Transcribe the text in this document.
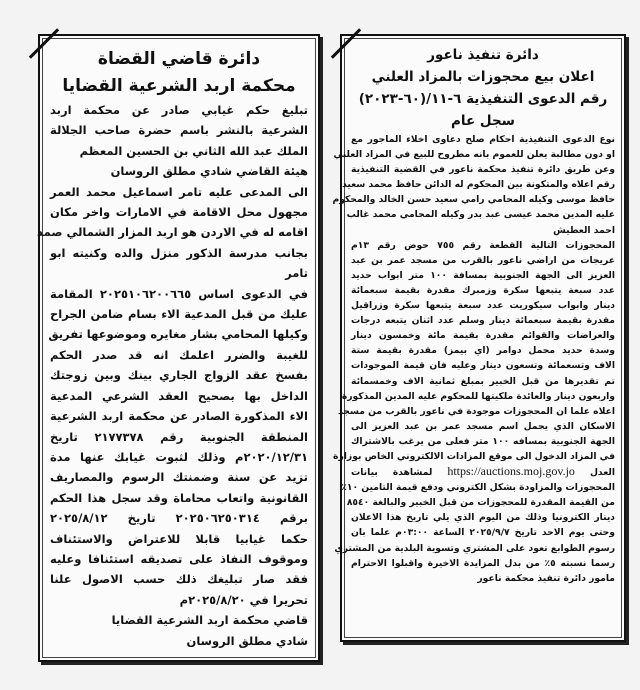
دائرة قاضي القضاة
محكمة اربد الشرعية القضايا
تبليغ حكم غيابي صادر عن محكمة اربد
الشرعية بالنشر باسم حضرة صاحب الجلالة
الملك عبد الله الثاني بن الحسين المعظم
هيئة القاضي شادي مطلق الروسان
الى المدعى عليه تامر اسماعيل محمد العمر
مجهول محل الاقامة في الامارات واخر مكان
اقامه له في الاردن هو اربد المزار الشمالي صمد
بجانب مدرسة الذكور منزل والده وكنيته ابو
تامر
في الدعوى اساس ٢٠٢٥١٠٦٢٠٠٦٦٥ المقامة
عليك من قبل المدعية الاء بسام ضامن الجراح
وكيلها المحامي بشار مغايره وموضوعها تفريق
للغيبة والضرر اعلمك انه قد صدر الحكم
بفسخ عقد الزواج الجاري بينك وبين زوجتك
الداخل بها بصحيح العقد الشرعي المدعية
الاء المذكورة الصادر عن محكمة اربد الشرعية
المنطقة الجنوبية رقم ٢١٧٧٣٧٨ تاريخ
٢٠٢٠/١٢/٣١م وذلك لثبوت غيابك عنها مدة
تزيد عن سنة وضمنتك الرسوم والمصاريف
القانونية واتعاب محاماة وقد سجل هذا الحكم
برقم ٢٠٢٥٠٦٢٥٠٣١٤ تاريخ ٢٠٢٥/٨/١٢
حكما غيابيا قابلا للاعتراض والاستئناف
وموقوف النفاذ على تصديقه استئنافا وعليه
فقد صار تبليغك ذلك حسب الاصول علنا
تحريرا في ٢٠٢٥/٨/٢٠م
قاضي محكمة اربد الشرعية القضايا
شادي مطلق الروسان
دائرة تنفيذ ناعور
اعلان بيع محجوزات بالمزاد العلني
رقم الدعوى التنفيذية ٦-١١/(٦٠-٢٠٢٣)
سجل عام
نوع الدعوى التنفيذية احكام صلح دعاوى اخلاء الماجور مع
او دون مطالبة يعلن للعموم بانه مطروح للبيع في المزاد العلني
وعن طريق دائرة تنفيذ محكمة ناعور في القضية التنفيذية
رقم اعلاه والمتكونة بين المحكوم له الدائن حافظ محمد سعيد
حافظ موسى وكيله المحامي رامي سعيد حسن الخالد والمحكوم
عليه المدين محمد عيسى عبد بدر وكيله المحامي محمد غالب
احمد العطيش
المحجوزات التالية القطعة رقم ٧٥٥ حوض رقم ١٣م
عريجات من اراضي ناعور بالقرب من مسجد عمر بن عبد
العزيز الى الجهة الجنوبية بمسافة ١٠٠ متر ابواب حديد
عدد سبعة يتبعها سكرة وزمبرك مقدرة بقيمة سبعمائة
دينار وابواب سيكوريت عدد سبعة يتبعها سكرة وزراقيل
مقدرة بقيمة سبعمائة دينار وسلم عدد اثنان يتبعه درجات
والعراضات والقوائم مقدرة بقيمة مائة وخمسون دينار
وسدة حديد محمل دوامر (اي بيمز) مقدرة بقيمة ستة
الاف وتسعمائة وتسعون دينار وعليه فان قيمة الموجودات
تم تقديرها من قبل الخبير بمبلغ ثمانية الاف وخمسمائة
واربعون دينار والعائدة ملكيتها للمحكوم عليه المدين المذكورة
اعلاه علما ان المحجوزات موجودة في ناعور بالقرب من مسجد
الاسكان الذي يحمل اسم مسجد عمر بن عبد العزيز الى
الجهة الجنوبية بمسافه ١٠٠ متر فعلى من يرغب بالاشتراك
في المزاد الدخول الى موقع المزادات الالكتروني الخاص بوزارة
العدل https://auctions.moj.gov.jo لمشاهدة بيانات
المحجوزات والمزاودة بشكل الكتروني ودفع قيمة التامين ١٠٪
من القيمة المقدرة للمحجوزات من قبل الخبير والبالغة ٨٥٤٠
دينار الكترونيا وذلك من اليوم الذي يلي تاريخ هذا الاعلان
وحتى يوم الاحد تاريخ ٢٠٢٥/٩/٧ الساعة ٠٣:٠٠م علما بان
رسوم الطوابع تعود على المشتري وتسوية البلدية من المشتري
رسما نسبته ٥٪ من بدل المزايدة الاخيرة واقبلوا الاحترام
مامور دائرة تنفيذ محكمة ناعور
